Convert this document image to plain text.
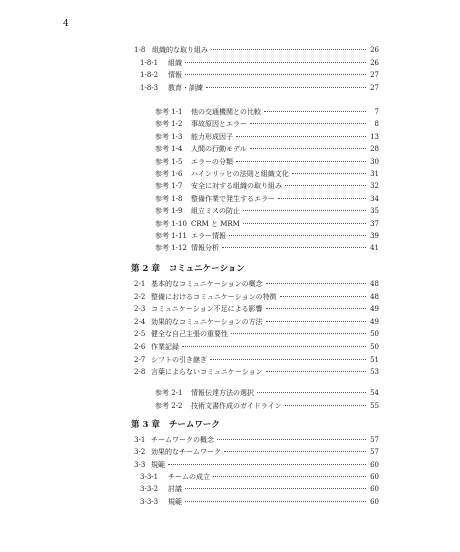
4
第 2 章 コミュニケーション
第 3 章 チームワーク
1-8 組織的な取り組み	26
1-8-1	組織	26
1-8-2	情報	27
1-8-3	教育・訓練	27
参考 1-1	他の交通機関との比較	7
参考 1-2	事故原因とエラー	8
参考 1-3	能力形成因子	13
参考 1-4	人間の行動モデル	28
参考 1-5	エラーの分類	30
参考 1-6	ハインリッヒの法則と組織文化	31
参考 1-7	安全に対する組織の取り組み	32
参考 1-8	整備作業で発生するエラー	34
参考 1-9	組立ミスの防止	35
参考 1-10 CRM と MRM	37
参考 1-11 エラー情報	39
参考 1-12 情報分析	41
2-1 基本的なコミュニケーションの概念	48
2-2 整備におけるコミュニケーションの特徴	48
2-3 コミュニケーション不足による影響	49
2-4 効果的なコミュニケーションの方法	49
2-5 健全な自己主張の重要性	50
2-6 作業記録	50
2-7 シフトの引き継ぎ	51
2-8 言葉によらないコミュニケーション	53
参考 2-1	情報伝達方法の選択	54
参考 2-2	技術文書作成のガイドライン	55
3-1 チームワークの概念	57
3-2 効果的なチームワーク	57
3-3 規範	60
3-3-1	チームの成立	60
3-3-2	討議	60
3-3-3	規範	60
